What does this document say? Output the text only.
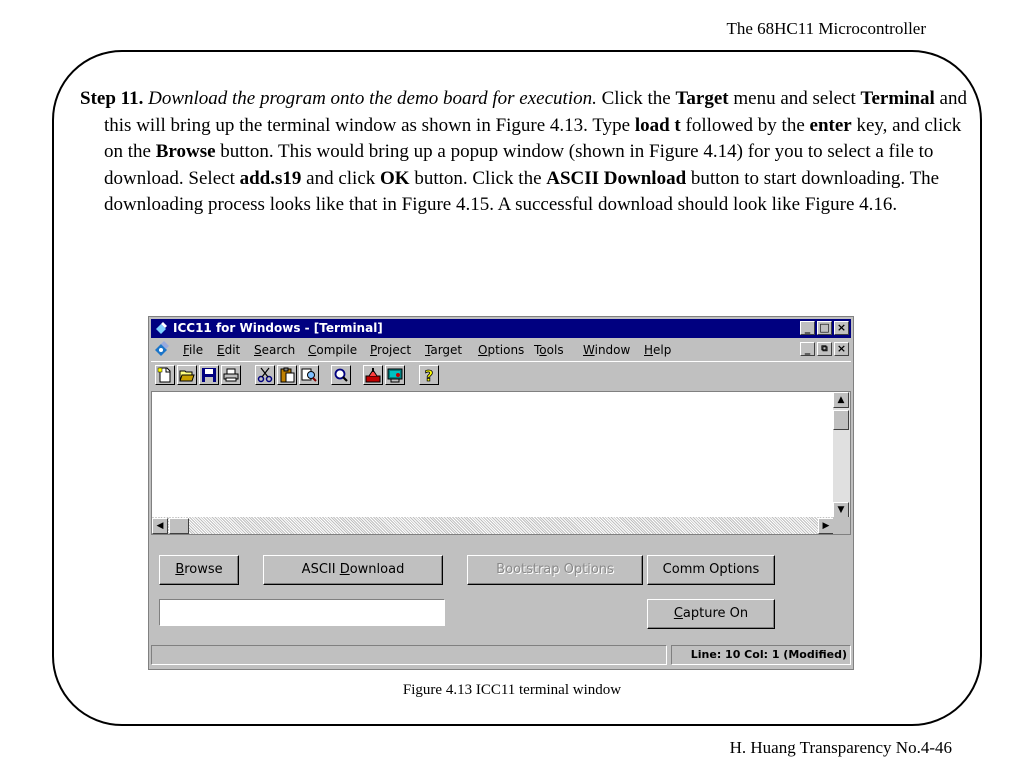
The 68HC11 Microcontroller
Step 11. Download the program onto the demo board for execution. Click the Target menu and select Terminal and this will bring up the terminal window as shown in Figure 4.13. Type load t followed by the enter key, and click on the Browse button. This would bring up a popup window (shown in Figure 4.14) for you to select a file to download. Select add.s19 and click OK button. Click the ASCII Download button to start downloading. The downloading process looks like that in Figure 4.15. A successful download should look like Figure 4.16.
ICC11 for Windows - [Terminal]	_ □ ×
File Edit Search Compile Project Target Options Tools Window Help	_	⧉ ×
?
▲
▼
◀	▶
Browse	ASCII Download	Bootstrap Options	Comm Options
Capture On
Line: 10 Col: 1 (Modified)
Figure 4.13 ICC11 terminal window
H. Huang Transparency No.4-46
